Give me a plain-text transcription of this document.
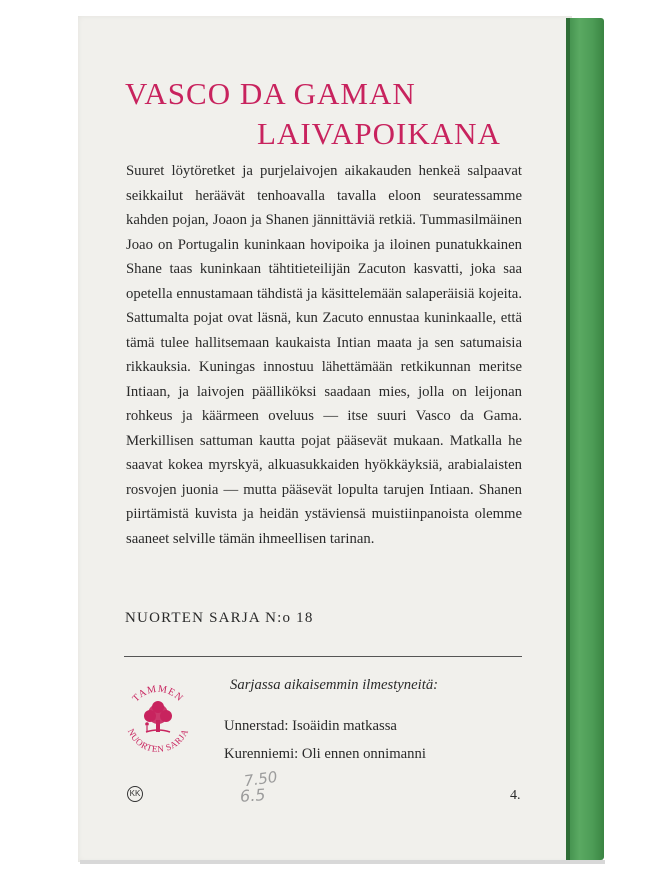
VASCO DA GAMAN
LAIVAPOIKANA

Suuret löytöretket ja purjelaivojen aikakauden henkeä salpaavat seikkailut heräävät tenhoavalla tavalla eloon seuratessamme kahden pojan, Joaon ja Shanen jännittäviä retkiä. Tummasilmäinen Joao on Portugalin kuninkaan hovipoika ja iloinen punatukkainen Shane taas kuninkaan tähtitieteilijän Zacuton kasvatti, joka saa opetella ennustamaan tähdistä ja käsittelemään salaperäisiä kojeita. Sattumalta pojat ovat läsnä, kun Zacuto ennustaa kuninkaalle, että tämä tulee hallitsemaan kaukaista Intian maata ja sen satumaisia rikkauksia. Kuningas innostuu lähettämään retkikunnan meritse Intiaan, ja laivojen päälliköksi saadaan mies, jolla on leijonan rohkeus ja käärmeen oveluus — itse suuri Vasco da Gama. Merkillisen sattuman kautta pojat pääsevät mukaan. Matkalla he saavat kokea myrskyä, alkuasukkaiden hyökkäyksiä, arabialaisten rosvojen juonia — mutta pääsevät lopulta tarujen Intiaan. Shanen piirtämistä kuvista ja heidän ystäviensä muistiinpanoista olemme saaneet selville tämän ihmeellisen tarinan.

NUORTEN SARJA N:o 18

TAMMEN
NUORTEN SARJA

Sarjassa aikaisemmin ilmestyneitä:

Unnerstad: Isoäidin matkassa
Kurenniemi: Oli ennen onnimanni
KK
7.50
6.5	4.
